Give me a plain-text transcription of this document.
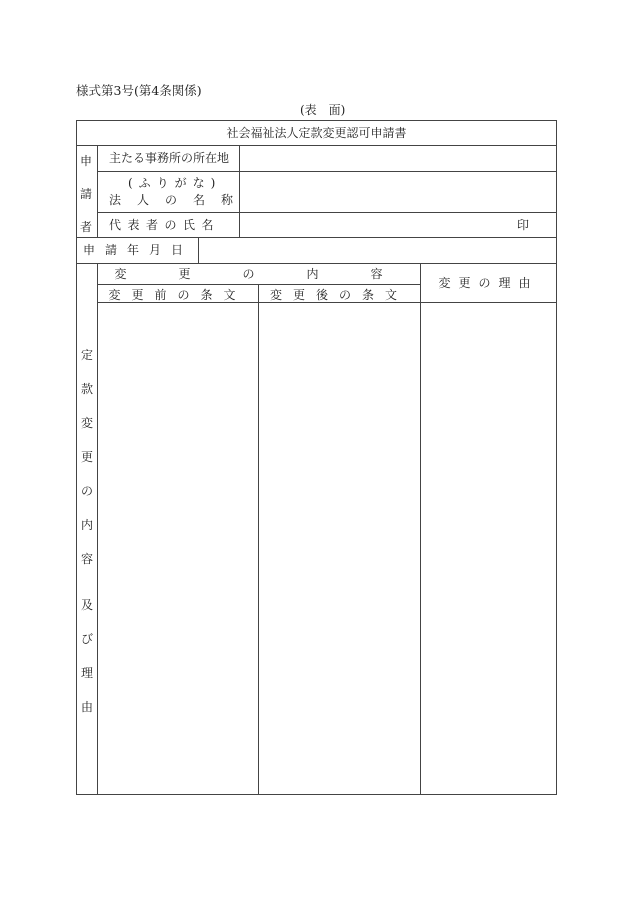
様式第3号(第4条関係)
(表　面)
社会福祉法人定款変更認可申請書
申
請
者
主たる事務所の所在地
(ふりがな)
法人の名称
代表者の氏名	印
申請年月日
定
款
変
更
の
内
容
及
び
理
由
変　更　の　内　容
変更前の条文	変更後の条文
変更の理由
